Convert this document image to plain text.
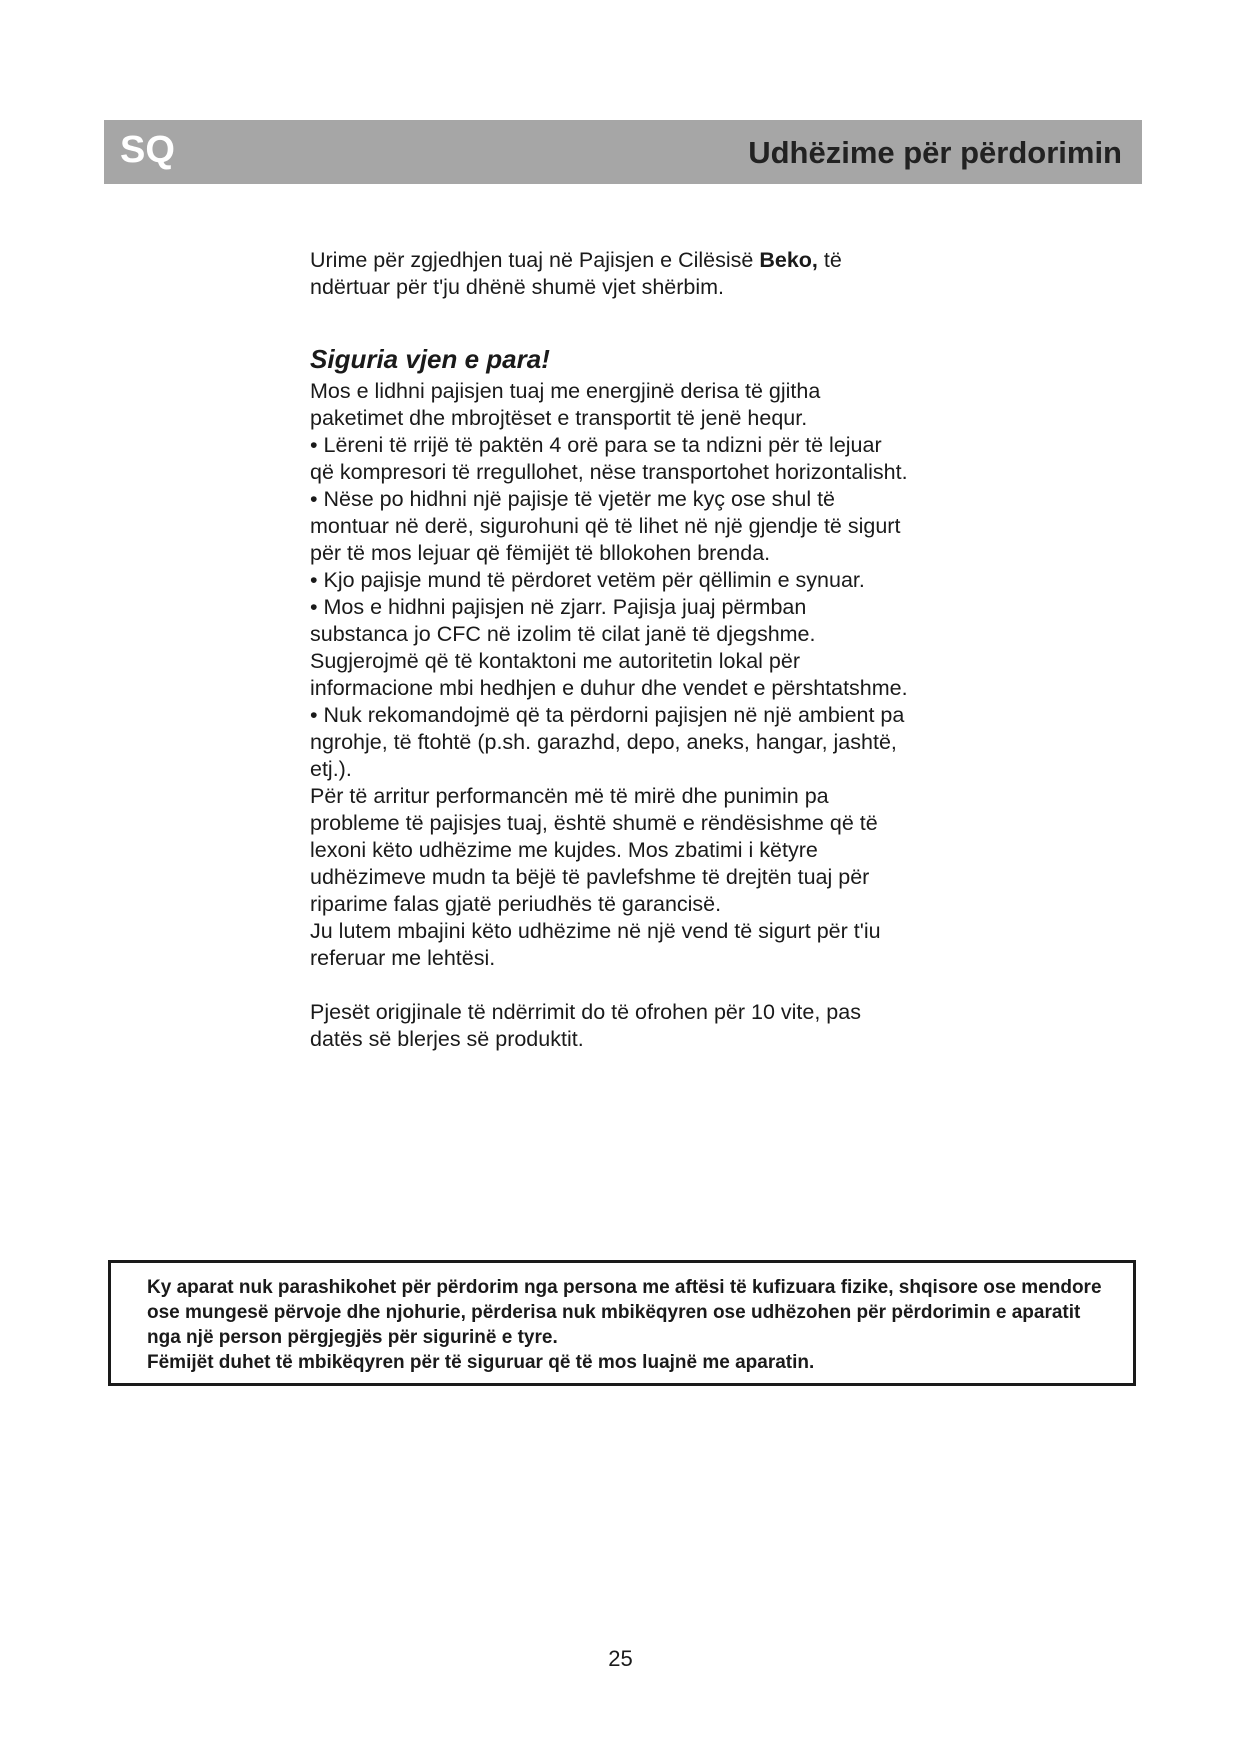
SQ	Udhëzime për përdorimin

Urime për zgjedhjen tuaj në Pajisjen e Cilësisë Beko, të ndërtuar për t'ju dhënë shumë vjet shërbim.

Siguria vjen e para!

Mos e lidhni pajisjen tuaj me energjinë derisa të gjitha paketimet dhe mbrojtëset e transportit të jenë hequr.

• Lëreni të rrijë të paktën 4 orë para se ta ndizni për të lejuar që kompresori të rregullohet, nëse transportohet horizontalisht.

• Nëse po hidhni një pajisje të vjetër me kyç ose shul të montuar në derë, sigurohuni që të lihet në një gjendje të sigurt për të mos lejuar që fëmijët të bllokohen brenda.

• Kjo pajisje mund të përdoret vetëm për qëllimin e synuar.

• Mos e hidhni pajisjen në zjarr. Pajisja juaj përmban substanca jo CFC në izolim të cilat janë të djegshme. Sugjerojmë që të kontaktoni me autoritetin lokal për informacione mbi hedhjen e duhur dhe vendet e përshtatshme.

• Nuk rekomandojmë që ta përdorni pajisjen në një ambient pa ngrohje, të ftohtë (p.sh. garazhd, depo, aneks, hangar, jashtë, etj.).

Për të arritur performancën më të mirë dhe punimin pa probleme të pajisjes tuaj, është shumë e rëndësishme që të lexoni këto udhëzime me kujdes. Mos zbatimi i këtyre udhëzimeve mudn ta bëjë të pavlefshme të drejtën tuaj për riparime falas gjatë periudhës të garancisë.

Ju lutem mbajini këto udhëzime në një vend të sigurt për t'iu referuar me lehtësi.

Pjesët origjinale të ndërrimit do të ofrohen për 10 vite, pas datës së blerjes së produktit.

Ky aparat nuk parashikohet për përdorim nga persona me aftësi të kufizuara fizike, shqisore ose mendore ose mungesë përvoje dhe njohurie, përderisa nuk mbikëqyren ose udhëzohen për përdorimin e aparatit nga një person përgjegjës për sigurinë e tyre.

Fëmijët duhet të mbikëqyren për të siguruar që të mos luajnë me aparatin.

25
